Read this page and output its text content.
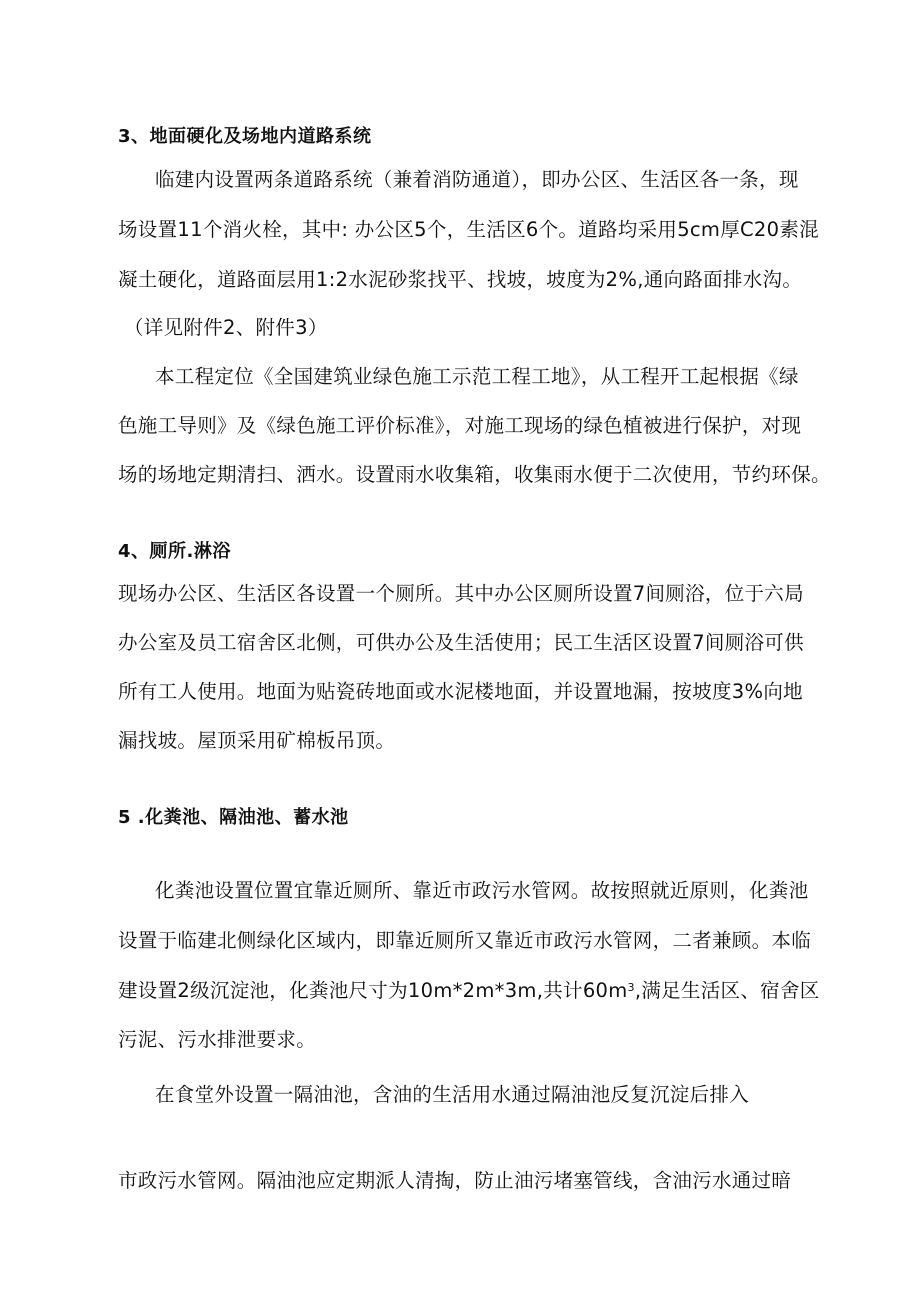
3、地面硬化及场地内道路系统
临建内设置两条道路系统（兼着消防通道），即办公区、生活区各一条，现
场设置11个消火栓，其中: 办公区5个，生活区6个。道路均采用5cm厚C20素混
凝土硬化，道路面层用1:2水泥砂浆找平、找坡，坡度为2%,通向路面排水沟。
（详见附件2、附件3）
本工程定位《全国建筑业绿色施工示范工程工地》，从工程开工起根据《绿
色施工导则》及《绿色施工评价标准》，对施工现场的绿色植被进行保护，对现
场的场地定期清扫、洒水。设置雨水收集箱，收集雨水便于二次使用，节约环保。
4、厕所.淋浴
现场办公区、生活区各设置一个厕所。其中办公区厕所设置7间厕浴，位于六局
办公室及员工宿舍区北侧，可供办公及生活使用；民工生活区设置7间厕浴可供
所有工人使用。地面为贴瓷砖地面或水泥楼地面，并设置地漏，按坡度3%向地
漏找坡。屋顶采用矿棉板吊顶。
5 .化粪池、隔油池、蓄水池
化粪池设置位置宜靠近厕所、靠近市政污水管网。故按照就近原则，化粪池
设置于临建北侧绿化区域内，即靠近厕所又靠近市政污水管网，二者兼顾。本临
建设置2级沉淀池，化粪池尺寸为10m*2m*3m,共计$60m^3$,满足生活区、宿舍区
污泥、污水排泄要求。
在食堂外设置一隔油池，含油的生活用水通过隔油池反复沉淀后排入
市政污水管网。隔油池应定期派人清掏，防止油污堵塞管线，含油污水通过暗
